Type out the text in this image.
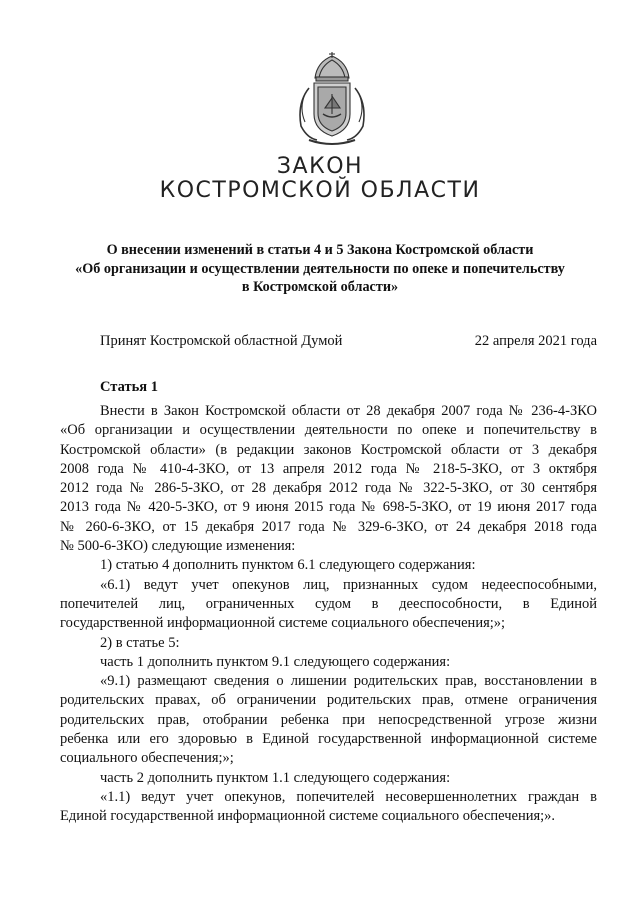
ЗАКОН
КОСТРОМСКОЙ ОБЛАСТИ
О внесении изменений в статьи 4 и 5 Закона Костромской области
«Об организации и осуществлении деятельности по опеке и попечительству
в Костромской области»
Принят Костромской областной Думой	22 апреля 2021 года
Статья 1
Внести в Закон Костромской области от 28 декабря 2007 года № 236-4-ЗКО
«Об организации и осуществлении деятельности по опеке и попечительству в
Костромской области» (в редакции законов Костромской области от 3 декабря
2008 года № 410-4-ЗКО, от 13 апреля 2012 года № 218-5-ЗКО, от 3 октября
2012 года № 286-5-ЗКО, от 28 декабря 2012 года № 322-5-ЗКО, от 30 сентября
2013 года № 420-5-ЗКО, от 9 июня 2015 года № 698-5-ЗКО, от 19 июня 2017 года
№ 260-6-ЗКО, от 15 декабря 2017 года № 329-6-ЗКО, от 24 декабря 2018 года
№ 500-6-ЗКО) следующие изменения:
1) статью 4 дополнить пунктом 6.1 следующего содержания:
«6.1) ведут учет опекунов лиц, признанных судом недееспособными,
попечителей лиц, ограниченных судом в дееспособности, в Единой
государственной информационной системе социального обеспечения;»;
2) в статье 5:
часть 1 дополнить пунктом 9.1 следующего содержания:
«9.1) размещают сведения о лишении родительских прав, восстановлении в
родительских правах, об ограничении родительских прав, отмене ограничения
родительских прав, отобрании ребенка при непосредственной угрозе жизни
ребенка или его здоровью в Единой государственной информационной системе
социального обеспечения;»;
часть 2 дополнить пунктом 1.1 следующего содержания:
«1.1) ведут учет опекунов, попечителей несовершеннолетних граждан в
Единой государственной информационной системе социального обеспечения;».
